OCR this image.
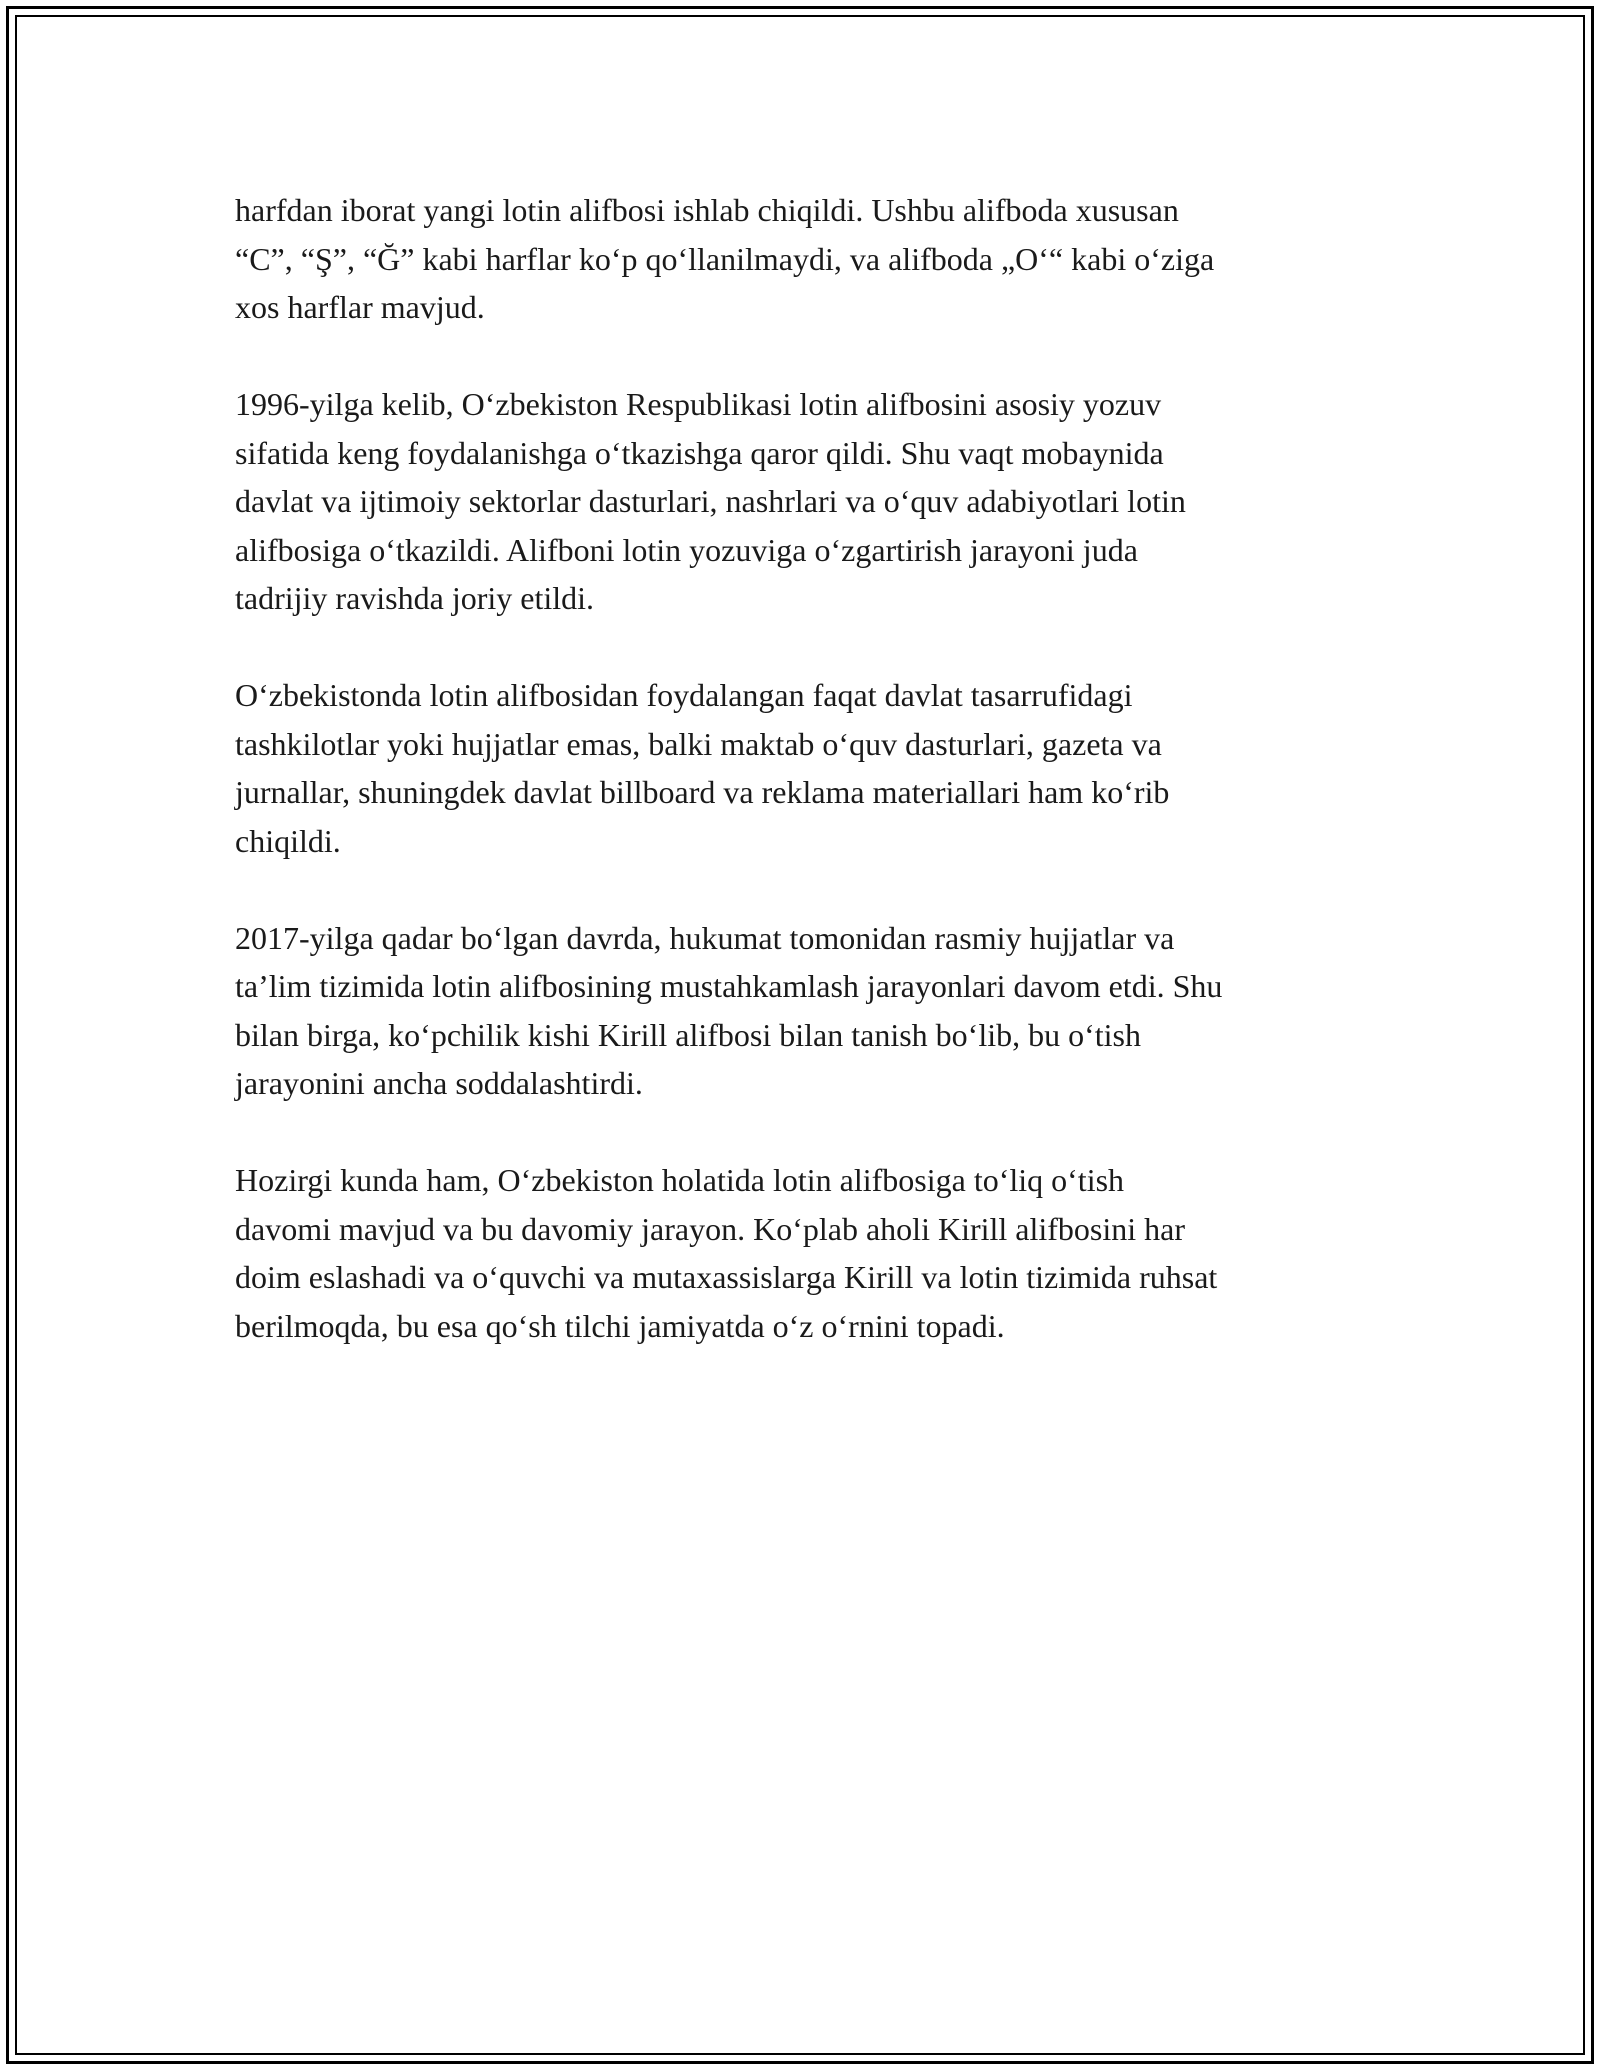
harfdan iborat yangi lotin alifbosi ishlab chiqildi. Ushbu alifboda xususan
“C”, “Ş”, “Ğ” kabi harflar koʻp qoʻllanilmaydi, va alifboda „Oʻ“ kabi oʻziga
xos harflar mavjud.

1996-yilga kelib, Oʻzbekiston Respublikasi lotin alifbosini asosiy yozuv
sifatida keng foydalanishga oʻtkazishga qaror qildi. Shu vaqt mobaynida
davlat va ijtimoiy sektorlar dasturlari, nashrlari va oʻquv adabiyotlari lotin
alifbosiga oʻtkazildi. Alifboni lotin yozuviga oʻzgartirish jarayoni juda
tadrijiy ravishda joriy etildi.

Oʻzbekistonda lotin alifbosidan foydalangan faqat davlat tasarrufidagi
tashkilotlar yoki hujjatlar emas, balki maktab oʻquv dasturlari, gazeta va
jurnallar, shuningdek davlat billboard va reklama materiallari ham koʻrib
chiqildi.

2017-yilga qadar boʻlgan davrda, hukumat tomonidan rasmiy hujjatlar va
taʼlim tizimida lotin alifbosining mustahkamlash jarayonlari davom etdi. Shu
bilan birga, koʻpchilik kishi Kirill alifbosi bilan tanish boʻlib, bu oʻtish
jarayonini ancha soddalashtirdi.

Hozirgi kunda ham, Oʻzbekiston holatida lotin alifbosiga toʻliq oʻtish
davomi mavjud va bu davomiy jarayon. Koʻplab aholi Kirill alifbosini har
doim eslashadi va oʻquvchi va mutaxassislarga Kirill va lotin tizimida ruhsat
berilmoqda, bu esa qoʻsh tilchi jamiyatda oʻz oʻrnini topadi.
